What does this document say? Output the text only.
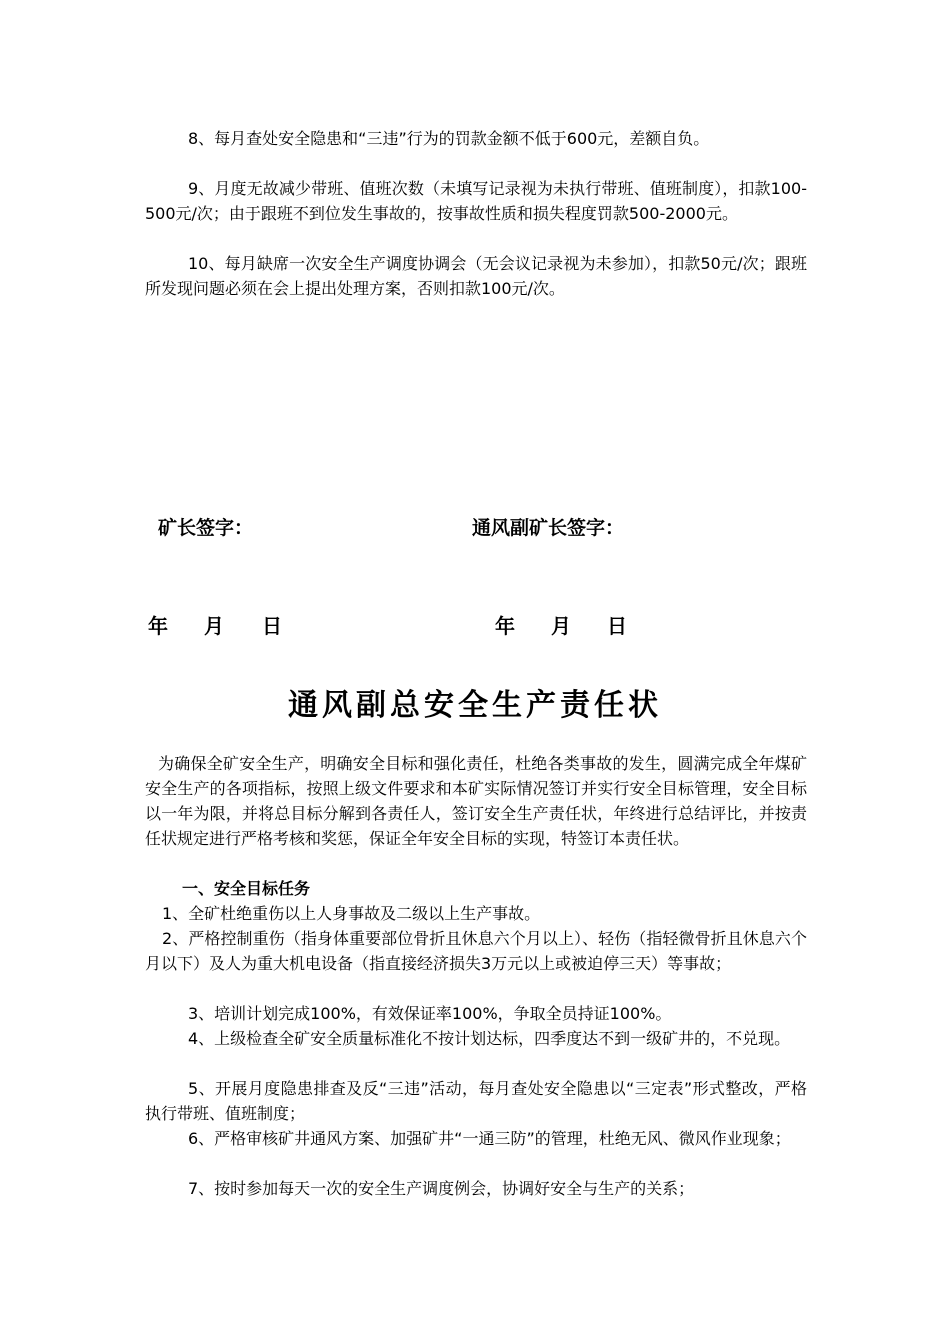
8、每月查处安全隐患和“三违”行为的罚款金额不低于600元，差额自负。

9、月度无故减少带班、值班次数（未填写记录视为未执行带班、值班制度），扣款100-500元/次；由于跟班不到位发生事故的，按事故性质和损失程度罚款500-2000元。

10、每月缺席一次安全生产调度协调会（无会议记录视为未参加），扣款50元/次；跟班所发现问题必须在会上提出处理方案，否则扣款100元/次。

矿长签字：	通风副矿长签字：

年 月 日	年 月 日
通风副总安全生产责任状

为确保全矿安全生产，明确安全目标和强化责任，杜绝各类事故的发生，圆满完成全年煤矿安全生产的各项指标，按照上级文件要求和本矿实际情况签订并实行安全目标管理，安全目标以一年为限，并将总目标分解到各责任人，签订安全生产责任状，年终进行总结评比，并按责任状规定进行严格考核和奖惩，保证全年安全目标的实现，特签订本责任状。

一、安全目标任务

1、全矿杜绝重伤以上人身事故及二级以上生产事故。

2、严格控制重伤（指身体重要部位骨折且休息六个月以上）、轻伤（指轻微骨折且休息六个月以下）及人为重大机电设备（指直接经济损失3万元以上或被迫停三天）等事故；

3、培训计划完成100%，有效保证率100%，争取全员持证100%。

4、上级检查全矿安全质量标准化不按计划达标，四季度达不到一级矿井的，不兑现。

5、开展月度隐患排查及反“三违”活动，每月查处安全隐患以“三定表”形式整改，严格执行带班、值班制度；

6、严格审核矿井通风方案、加强矿井“一通三防”的管理，杜绝无风、微风作业现象；

7、按时参加每天一次的安全生产调度例会，协调好安全与生产的关系；
